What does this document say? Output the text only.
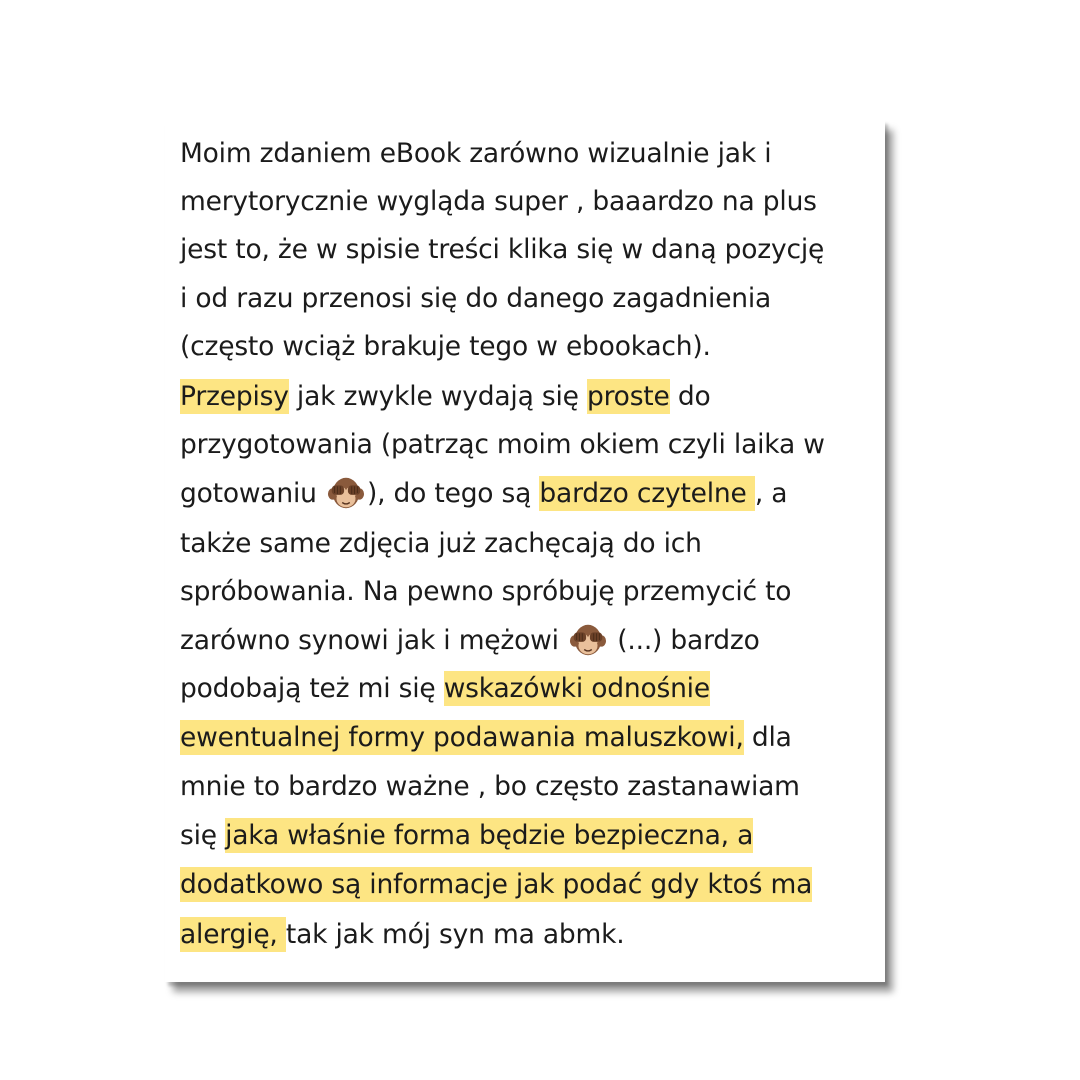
Moim zdaniem eBook zarówno wizualnie jak i
merytorycznie wygląda super , baaardzo na plus
jest to, że w spisie treści klika się w daną pozycję
i od razu przenosi się do danego zagadnienia
(często wciąż brakuje tego w ebookach).
Przepisy jak zwykle wydają się proste do
przygotowania (patrząc moim okiem czyli laika w
gotowaniu ), do tego są bardzo czytelne , a
także same zdjęcia już zachęcają do ich
spróbowania. Na pewno spróbuję przemycić to
zarówno synowi jak i mężowi  (...) bardzo
podobają też mi się wskazówki odnośnie
ewentualnej formy podawania maluszkowi, dla
mnie to bardzo ważne , bo często zastanawiam
się jaka właśnie forma będzie bezpieczna, a
dodatkowo są informacje jak podać gdy ktoś ma
alergię, tak jak mój syn ma abmk.
